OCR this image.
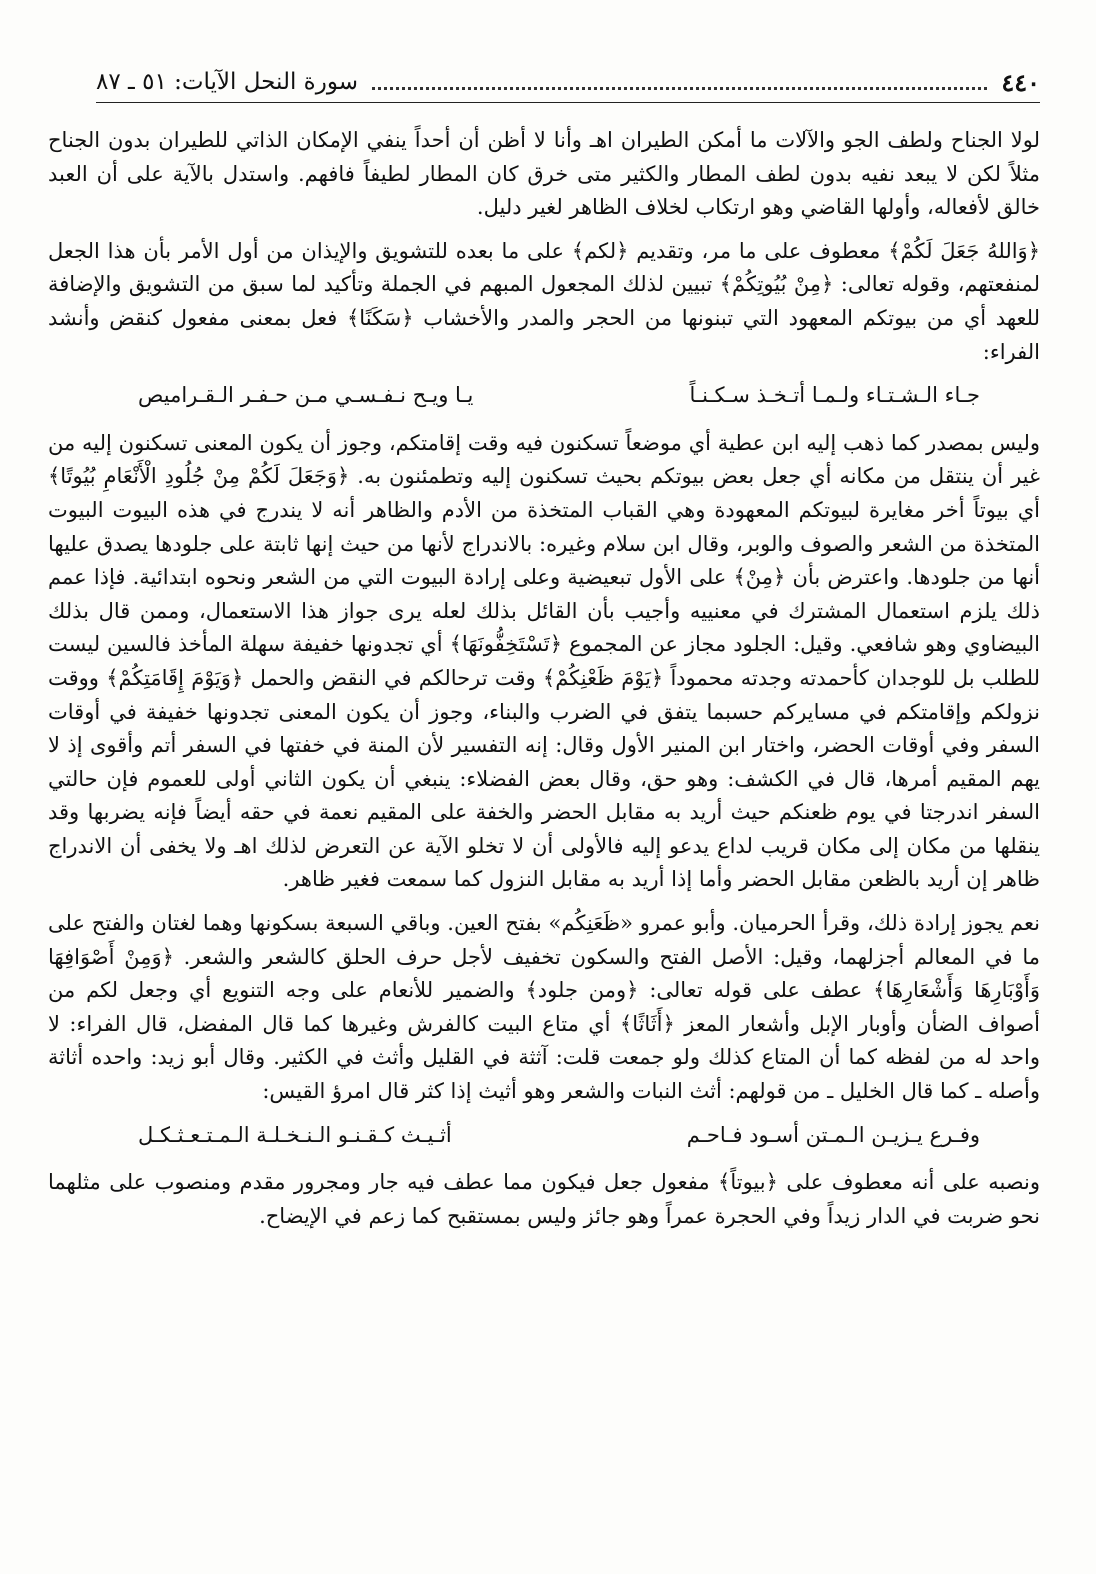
٤٤٠
سورة النحل الآيات: ٥١ ـ ٨٧

لولا الجناح ولطف الجو والآلات ما أمكن الطيران اهـ وأنا لا أظن أن أحداً ينفي الإمكان الذاتي للطيران بدون الجناح مثلاً لكن لا يبعد نفيه بدون لطف المطار والكثير متى خرق كان المطار لطيفاً فافهم. واستدل بالآية على أن العبد خالق لأفعاله، وأولها القاضي وهو ارتكاب لخلاف الظاهر لغير دليل.

﴿وَاللهُ جَعَلَ لَكُمْ﴾ معطوف على ما مر، وتقديم ﴿لكم﴾ على ما بعده للتشويق والإيذان من أول الأمر بأن هذا الجعل لمنفعتهم، وقوله تعالى: ﴿مِنْ بُيُوتِكُمْ﴾ تبيين لذلك المجعول المبهم في الجملة وتأكيد لما سبق من التشويق والإضافة للعهد أي من بيوتكم المعهود التي تبنونها من الحجر والمدر والأخشاب ﴿سَكَنًا﴾ فعل بمعنى مفعول كنقض وأنشد الفراء:

جـاء الـشـتـاء ولـمـا أتـخـذ سـكـنـاً
يـا ويـح نـفـسـي مـن حـفـر الـقـراميص

وليس بمصدر كما ذهب إليه ابن عطية أي موضعاً تسكنون فيه وقت إقامتكم، وجوز أن يكون المعنى تسكنون إليه من غير أن ينتقل من مكانه أي جعل بعض بيوتكم بحيث تسكنون إليه وتطمئنون به. ﴿وَجَعَلَ لَكُمْ مِنْ جُلُودِ الْأَنْعَامِ بُيُوتًا﴾ أي بيوتاً أخر مغايرة لبيوتكم المعهودة وهي القباب المتخذة من الأدم والظاهر أنه لا يندرج في هذه البيوت البيوت المتخذة من الشعر والصوف والوبر، وقال ابن سلام وغيره: بالاندراج لأنها من حيث إنها ثابتة على جلودها يصدق عليها أنها من جلودها. واعترض بأن ﴿مِنْ﴾ على الأول تبعيضية وعلى إرادة البيوت التي من الشعر ونحوه ابتدائية. فإذا عمم ذلك يلزم استعمال المشترك في معنييه وأجيب بأن القائل بذلك لعله يرى جواز هذا الاستعمال، وممن قال بذلك البيضاوي وهو شافعي. وقيل: الجلود مجاز عن المجموع ﴿تَسْتَخِفُّونَهَا﴾ أي تجدونها خفيفة سهلة المأخذ فالسين ليست للطلب بل للوجدان كأحمدته وجدته محموداً ﴿يَوْمَ ظَعْنِكُمْ﴾ وقت ترحالكم في النقض والحمل ﴿وَيَوْمَ إِقَامَتِكُمْ﴾ ووقت نزولكم وإقامتكم في مسايركم حسبما يتفق في الضرب والبناء، وجوز أن يكون المعنى تجدونها خفيفة في أوقات السفر وفي أوقات الحضر، واختار ابن المنير الأول وقال: إنه التفسير لأن المنة في خفتها في السفر أتم وأقوى إذ لا يهم المقيم أمرها، قال في الكشف: وهو حق، وقال بعض الفضلاء: ينبغي أن يكون الثاني أولى للعموم فإن حالتي السفر اندرجتا في يوم ظعنكم حيث أريد به مقابل الحضر والخفة على المقيم نعمة في حقه أيضاً فإنه يضربها وقد ينقلها من مكان إلى مكان قريب لداع يدعو إليه فالأولى أن لا تخلو الآية عن التعرض لذلك اهـ ولا يخفى أن الاندراج ظاهر إن أريد بالظعن مقابل الحضر وأما إذا أريد به مقابل النزول كما سمعت فغير ظاهر.

نعم يجوز إرادة ذلك، وقرأ الحرميان. وأبو عمرو «ظَعَنِكُم» بفتح العين. وباقي السبعة بسكونها وهما لغتان والفتح على ما في المعالم أجزلهما، وقيل: الأصل الفتح والسكون تخفيف لأجل حرف الحلق كالشعر والشعر. ﴿وَمِنْ أَصْوَافِهَا وَأَوْبَارِهَا وَأَشْعَارِهَا﴾ عطف على قوله تعالى: ﴿ومن جلود﴾ والضمير للأنعام على وجه التنويع أي وجعل لكم من أصواف الضأن وأوبار الإبل وأشعار المعز ﴿أَثَاثًا﴾ أي متاع البيت كالفرش وغيرها كما قال المفضل، قال الفراء: لا واحد له من لفظه كما أن المتاع كذلك ولو جمعت قلت: آثثة في القليل وأثث في الكثير. وقال أبو زيد: واحده أثاثة وأصله ـ كما قال الخليل ـ من قولهم: أثث النبات والشعر وهو أثيث إذا كثر قال امرؤ القيس:

وفـرع يـزيـن الـمـتن أسـود فـاحـم
أثـيـث كـقـنـو الـنـخـلـة الـمـتـعـثـكـل

ونصبه على أنه معطوف على ﴿بيوتاً﴾ مفعول جعل فيكون مما عطف فيه جار ومجرور مقدم ومنصوب على مثلهما نحو ضربت في الدار زيداً وفي الحجرة عمراً وهو جائز وليس بمستقبح كما زعم في الإيضاح.
